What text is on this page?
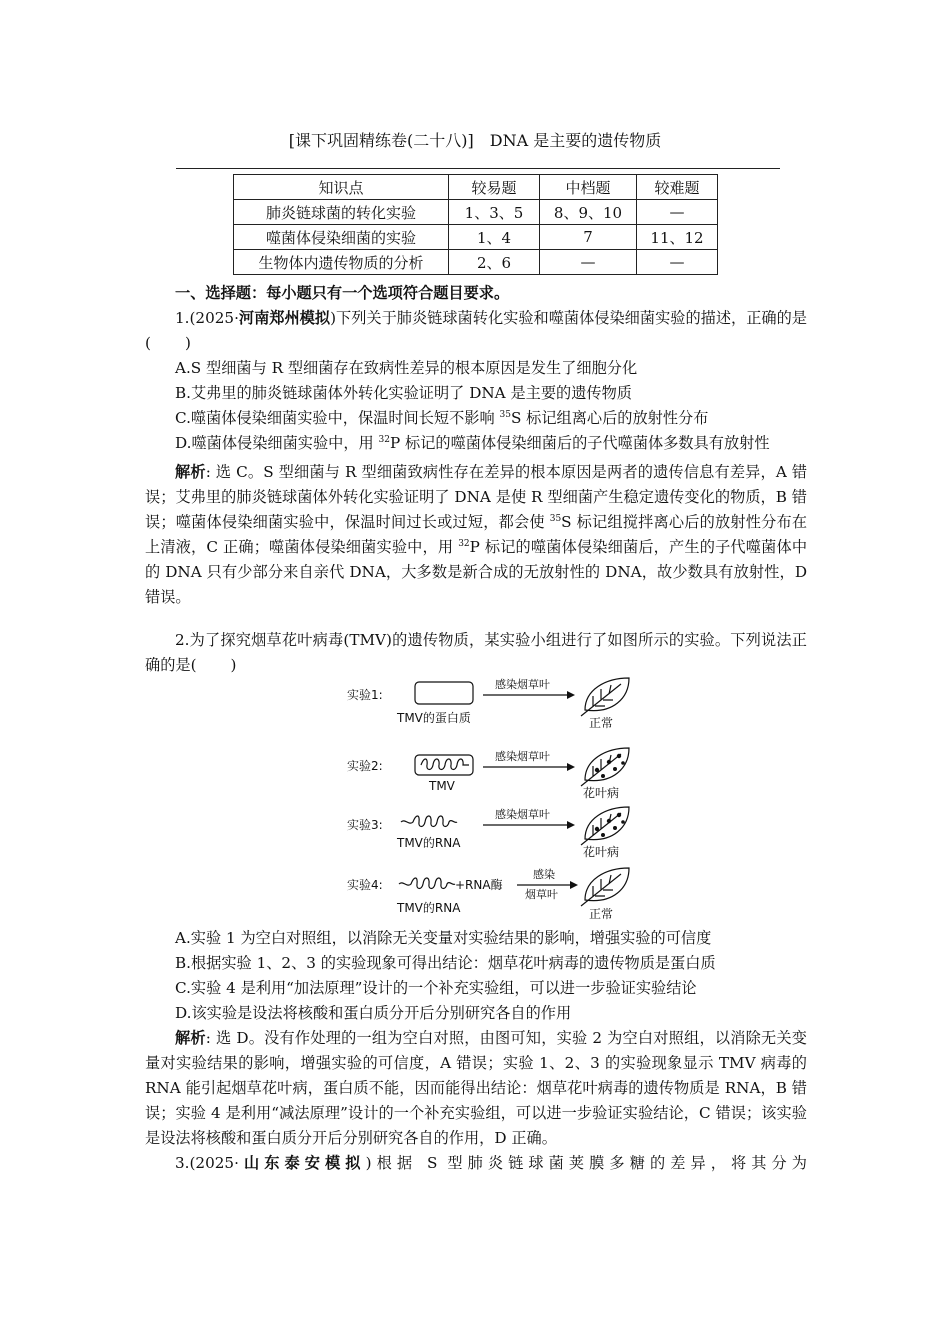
[课下巩固精练卷(二十八)]　DNA 是主要的遗传物质
知识点	较易题	中档题	较难题
肺炎链球菌的转化实验	1、3、5	8、9、10	—
噬菌体侵染细菌的实验	1、4	7	11、12
生物体内遗传物质的分析	2、6	—	—
一、选择题：每小题只有一个选项符合题目要求。
1.(2025·河南郑州模拟)下列关于肺炎链球菌转化实验和噬菌体侵染细菌实验的描述，正确的是( )
A.S 型细菌与 R 型细菌存在致病性差异的根本原因是发生了细胞分化
B.艾弗里的肺炎链球菌体外转化实验证明了 DNA 是主要的遗传物质
C.噬菌体侵染细菌实验中，保温时间长短不影响 $^{35}$S 标记组离心后的放射性分布
D.噬菌体侵染细菌实验中，用 $^{32}$P 标记的噬菌体侵染细菌后的子代噬菌体多数具有放射性
解析: 选 C。S 型细菌与 R 型细菌致病性存在差异的根本原因是两者的遗传信息有差异，A 错误；艾弗里的肺炎链球菌体外转化实验证明了 DNA 是使 R 型细菌产生稳定遗传变化的物质，B 错误；噬菌体侵染细菌实验中，保温时间过长或过短，都会使 $^{35}$S 标记组搅拌离心后的放射性分布在上清液，C 正确；噬菌体侵染细菌实验中，用 $^{32}$P 标记的噬菌体侵染细菌后，产生的子代噬菌体中的 DNA 只有少部分来自亲代 DNA，大多数是新合成的无放射性的 DNA，故少数具有放射性，D 错误。
2.为了探究烟草花叶病毒(TMV)的遗传物质，某实验小组进行了如图所示的实验。下列说法正确的是( )
实验1:
TMV的蛋白质
感染烟草叶
正常
实验2:
TMV
感染烟草叶
花叶病
实验3:
TMV的RNA
感染烟草叶
花叶病
实验4:	+RNA酶
TMV的RNA
感染
烟草叶
正常
A.实验 1 为空白对照组，以消除无关变量对实验结果的影响，增强实验的可信度
B.根据实验 1、2、3 的实验现象可得出结论：烟草花叶病毒的遗传物质是蛋白质
C.实验 4 是利用“加法原理”设计的一个补充实验组，可以进一步验证实验结论
D.该实验是设法将核酸和蛋白质分开后分别研究各自的作用
解析: 选 D。没有作处理的一组为空白对照，由图可知，实验 2 为空白对照组，以消除无关变量对实验结果的影响，增强实验的可信度，A 错误；实验 1、2、3 的实验现象显示 TMV 病毒的 RNA 能引起烟草花叶病，蛋白质不能，因而能得出结论：烟草花叶病毒的遗传物质是 RNA，B 错误；实验 4 是利用“减法原理”设计的一个补充实验组，可以进一步验证实验结论，C 错误；该实验是设法将核酸和蛋白质分开后分别研究各自的作用，D 正确。
3.(2025·山东泰安模拟)根据 S 型肺炎链球菌荚膜多糖的差异，将其分为
